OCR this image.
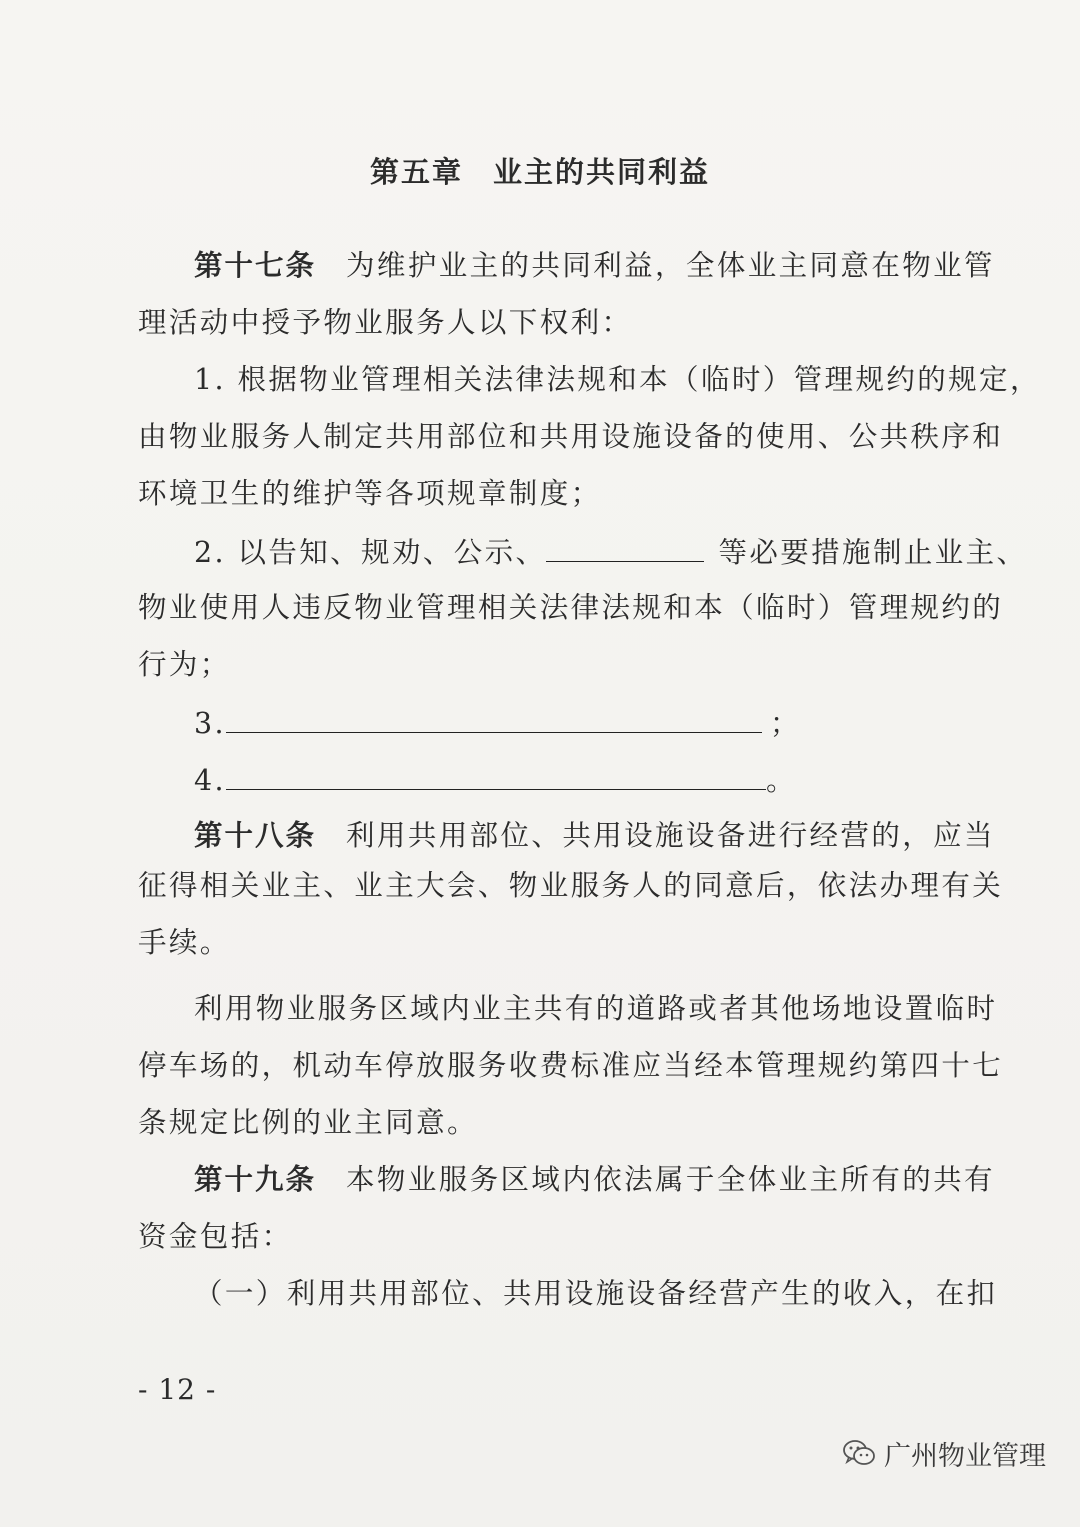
第五章 业主的共同利益
第十七条 为维护业主的共同利益，全体业主同意在物业管
理活动中授予物业服务人以下权利：
1. 根据物业管理相关法律法规和本（临时）管理规约的规定，
由物业服务人制定共用部位和共用设施设备的使用、公共秩序和
环境卫生的维护等各项规章制度；
2. 以告知、规劝、公示、	等必要措施制止业主、
物业使用人违反物业管理相关法律法规和本（临时）管理规约的
行为；
3.	；
4.	。
第十八条 利用共用部位、共用设施设备进行经营的，应当
征得相关业主、业主大会、物业服务人的同意后，依法办理有关
手续。
利用物业服务区域内业主共有的道路或者其他场地设置临时
停车场的，机动车停放服务收费标准应当经本管理规约第四十七
条规定比例的业主同意。
第十九条 本物业服务区域内依法属于全体业主所有的共有
资金包括：
（一）利用共用部位、共用设施设备经营产生的收入，在扣
- 12 -
广州物业管理
